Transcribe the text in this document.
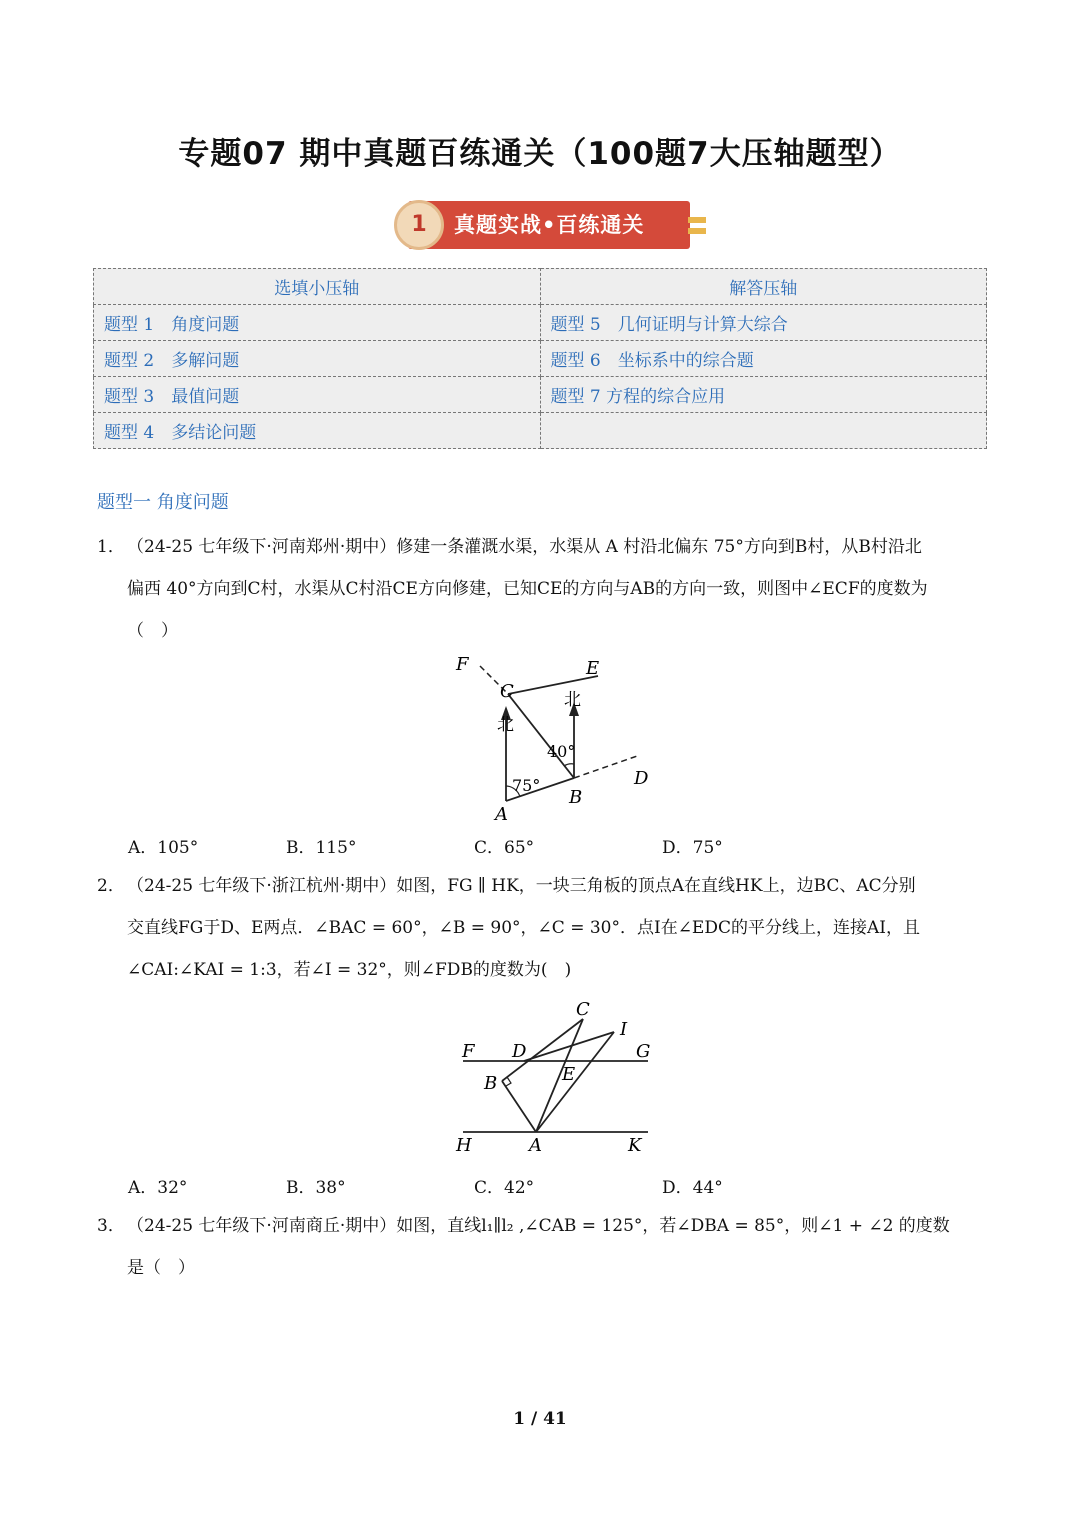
专题07 期中真题百练通关（100题7大压轴题型）
1	真题实战•百练通关
选填小压轴	解答压轴
题型 1　角度问题	题型 5　几何证明与计算大综合
题型 2　多解问题	题型 6　坐标系中的综合题
题型 3　最值问题	题型 7 方程的综合应用
题型 4　多结论问题	
题型一 角度问题
1． （24-25 七年级下·河南郑州·期中）修建一条灌溉水渠，水渠从 A 村沿北偏东 75°方向到B村，从B村沿北
偏西 40°方向到C村，水渠从C村沿CE方向修建，已知CE的方向与AB的方向一致，则图中∠ECF的度数为
（　）
F	E
C	北
北
40°
75°	D
B
A
A．105°	B．115°	C．65°	D．75°
2． （24-25 七年级下·浙江杭州·期中）如图，FG ∥ HK，一块三角板的顶点A在直线HK上，边BC、AC分别
交直线FG于D、E两点．∠BAC = 60°，∠B = 90°，∠C = 30°．点I在∠EDC的平分线上，连接AI，且
∠CAI:∠KAI = 1:3，若∠I = 32°，则∠FDB的度数为(　)
C
I
F D	G
B	E
H	A	K
A．32°	B．38°	C．42°	D．44°
3． （24-25 七年级下·河南商丘·期中）如图，直线l₁∥l₂ ,∠CAB = 125°，若∠DBA = 85°，则∠1 + ∠2 的度数
是（　）
1 / 41
